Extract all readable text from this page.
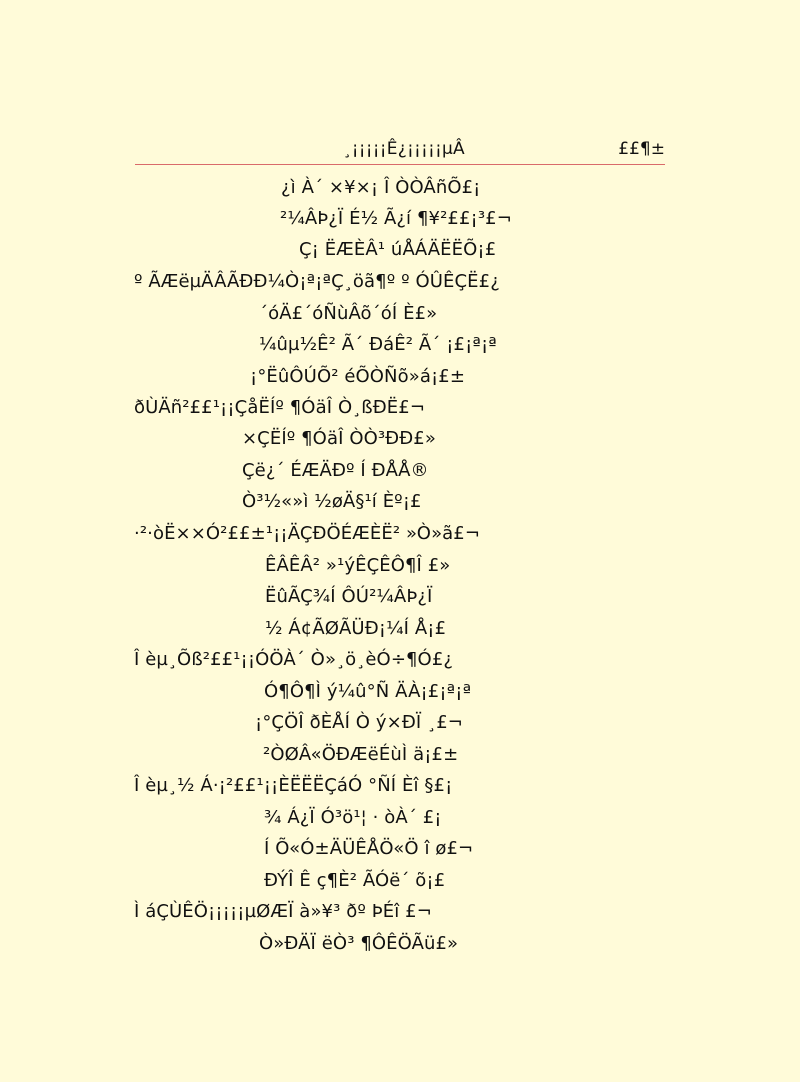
¸¡¡¡¡¡Ê¿¡¡¡¡¡µÂ	££¶±
¿ì À´ ×¥×¡ Î ÒÒÂñÕ£¡
²¼ÂÞ¿Ï É½ Ã¿í ¶¥²££¡³£¬
Ç¡ ËÆÈÂ¹ úÅÁÄËËÕ¡£
º ÃÆëµÄÂÃÐÐ¼Ò¡ª¡ªÇ¸öã¶º º ÓÛÊÇË£¿
´óÄ£´óÑùÂõ´óÍ È£»
¼ûµ½Ê² Ã´ ÐáÊ² Ã´ ¡£¡ª¡ª
¡°ËûÔÚÕ² éÕÒÑõ»á¡£±
ðÙÄñ²££¹¡¡ÇåËÍº ¶ÓäÎ Ò¸ßÐË£¬
×ÇËÍº ¶ÓäÎ ÒÒ³ÐÐ£»
Çë¿´ ÉÆÄÐº Í ÐÅÅ®
Ò³½«»ì ½øÄ§¹í Èº¡£
·²·òË××Ó²££±¹¡¡ÄÇÐÖÉÆÈË² »Ò»ã£¬
ÊÂÊÂ² »¹ýÊÇÊÔ¶Î £»
ËûÃÇ¾Í ÔÚ²¼ÂÞ¿Ï
½ Á¢ÃØÃÜÐ¡¼Í Å¡£
Î èµ¸Õß²££¹¡¡ÓÖÀ´ Ò»¸ö¸èÓ÷¶Ó£¿
Ó¶Ô¶Ì ý¼û°Ñ ÄÀ¡£¡ª¡ª
¡°ÇÖÎ ðÈÅÍ Ò ý×ÐÏ ¸£¬
²ÒØÂ«ÖÐÆëÉùÌ ä¡£±
Î èµ¸½ Á·¡²££¹¡¡ÈËËËÇáÓ °ÑÍ Èî §£¡
¾ Á¿Ï Ó³ö¹¦ · òÀ´ £¡
Í Õ«Ó±ÄÜÊÅÖ«Ö î ø£¬
ÐÝÎ Ê ç¶È² ÃÓë´ õ¡£
Ì áÇÙÊÖ¡¡¡¡¡µØÆÏ à»¥³ ðº ÞÉî £¬
Ò»ÐÄÏ ëÒ³ ¶ÔÊÖÃü£»
